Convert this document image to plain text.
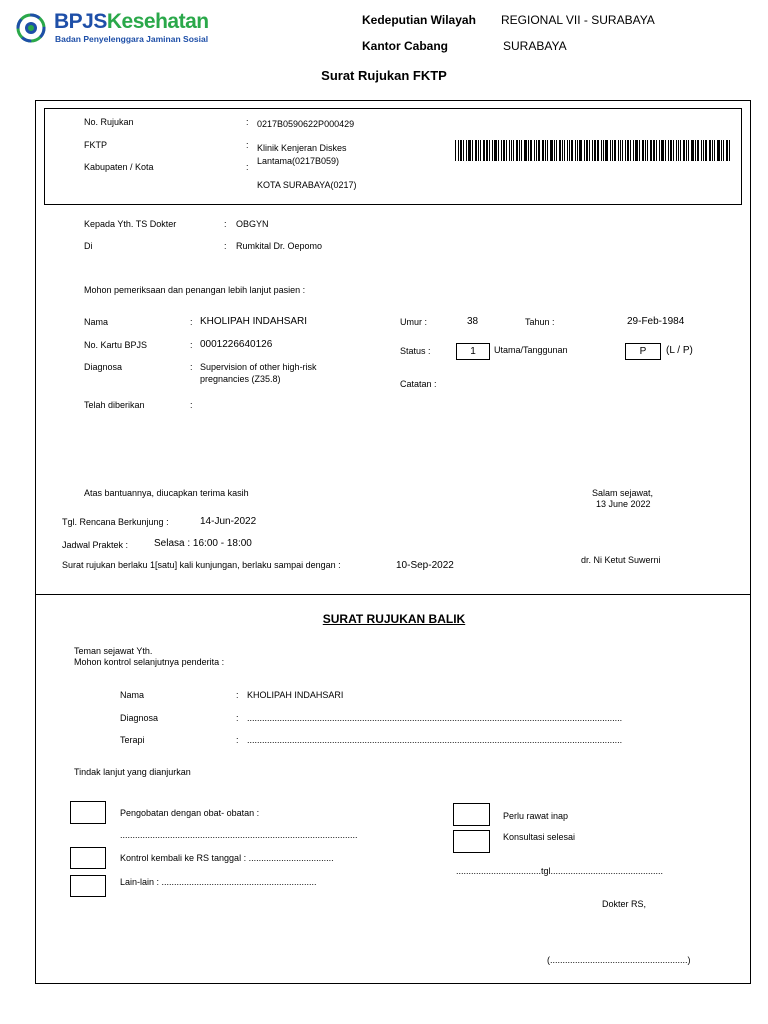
BPJSKesehatan
Badan Penyelenggara Jaminan Sosial
Kedeputian Wilayah REGIONAL VII - SURABAYA
Kantor Cabang	SURABAYA
Surat Rujukan FKTP
No. Rujukan	: 0217B0590622P000429
FKTP	: Klinik Kenjeran Diskes
Lantama(0217B059)
Kabupaten / Kota	:
KOTA SURABAYA(0217)
Kepada Yth. TS Dokter	: OBGYN
Di	: Rumkital Dr. Oepomo
Mohon pemeriksaan dan penangan lebih lanjut pasien :
Nama	: KHOLIPAH INDAHSARI
No. Kartu BPJS	: 0001226640126
Diagnosa	: Supervision of other high-risk
pregnancies (Z35.8)
Telah diberikan	:
Umur :	38	Tahun :	29-Feb-1984
Status :	1	Utama/Tanggunan	P	(L / P)
Catatan :
Atas bantuannya, diucapkan terima kasih	Salam sejawat,
13 June 2022
Tgl. Rencana Berkunjung :	14-Jun-2022
Jadwal Praktek :	Selasa : 16:00 - 18:00
Surat rujukan berlaku 1[satu] kali kunjungan, berlaku sampai dengan :	10-Sep-2022	dr. Ni Ketut Suwerni
SURAT RUJUKAN BALIK
Teman sejawat Yth.
Mohon kontrol selanjutnya penderita :
Nama	: KHOLIPAH INDAHSARI
Diagnosa	: ......................................................................................................................................................
Terapi	: ......................................................................................................................................................
Tindak lanjut yang dianjurkan
Pengobatan dengan obat- obatan :
...............................................................................................
Kontrol kembali ke RS tanggal : ..................................
Lain-lain : ..............................................................
Perlu rawat inap
Konsultasi selesai
..................................tgl.............................................
Dokter RS,
(.......................................................)
